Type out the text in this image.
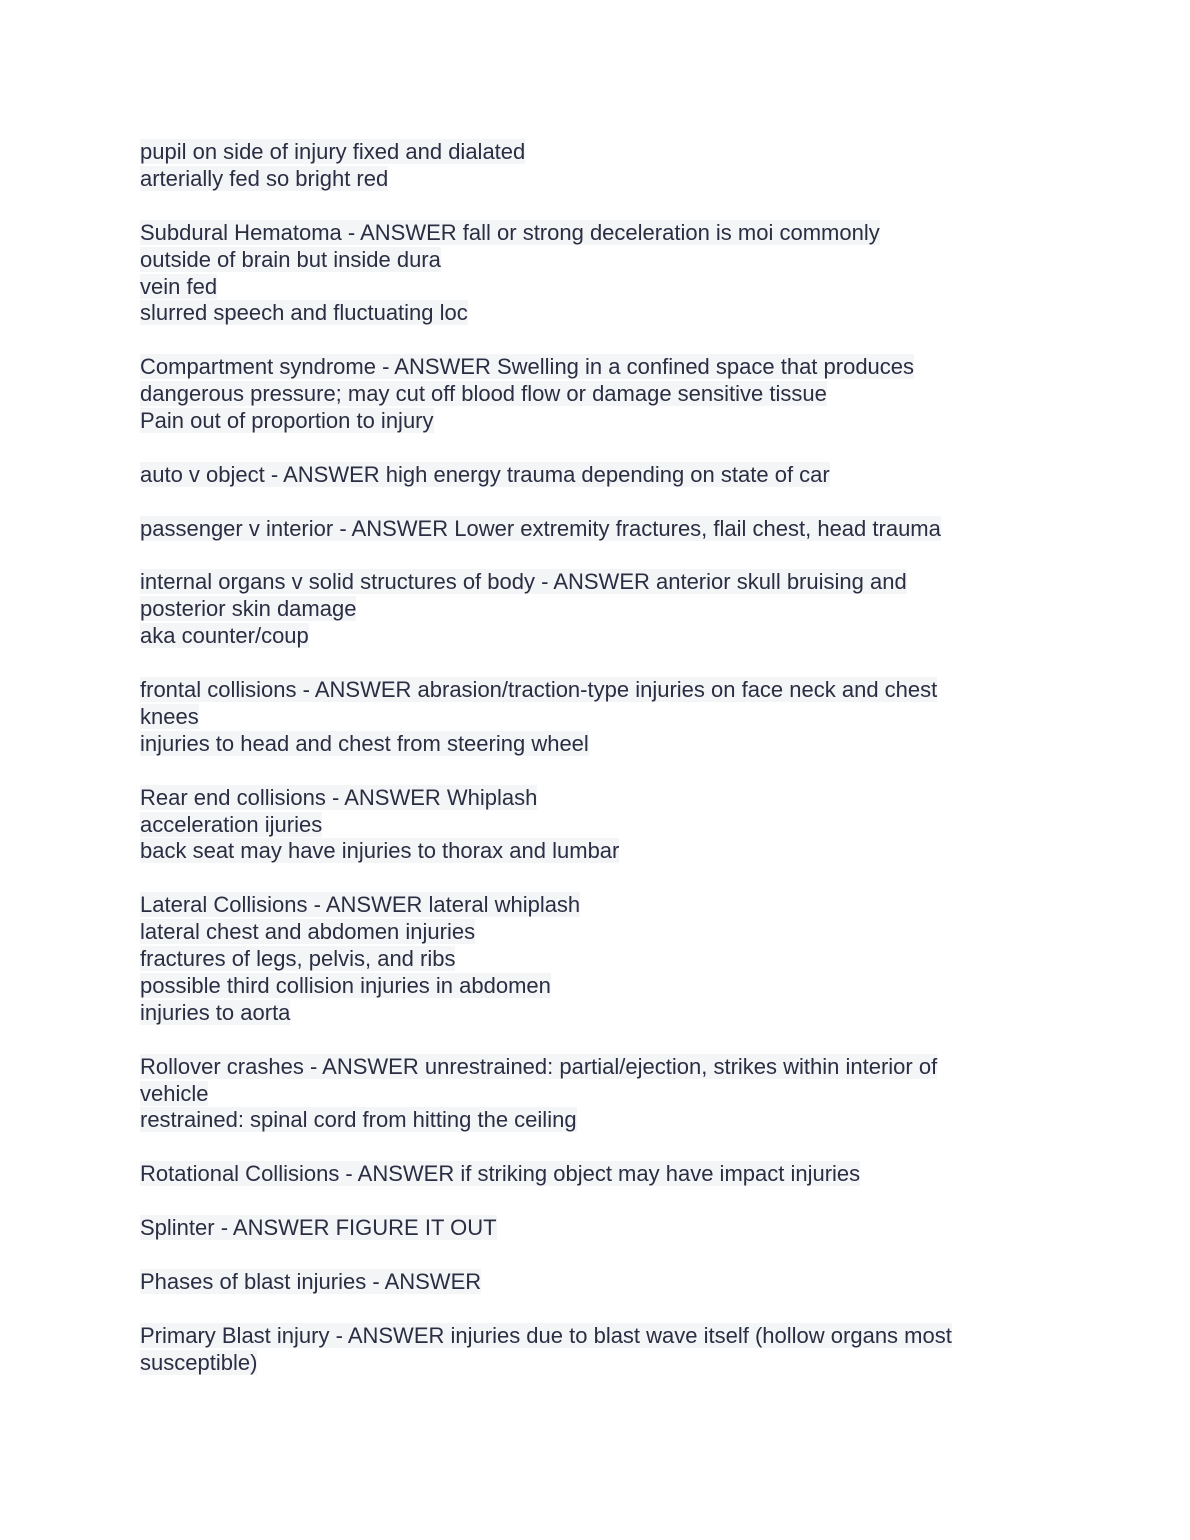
pupil on side of injury fixed and dialated
arterially fed so bright red
Subdural Hematoma - ANSWER fall or strong deceleration is moi commonly
outside of brain but inside dura
vein fed
slurred speech and fluctuating loc
Compartment syndrome - ANSWER Swelling in a confined space that produces
dangerous pressure; may cut off blood flow or damage sensitive tissue
Pain out of proportion to injury
auto v object - ANSWER high energy trauma depending on state of car
passenger v interior - ANSWER Lower extremity fractures, flail chest, head trauma
internal organs v solid structures of body - ANSWER anterior skull bruising and
posterior skin damage
aka counter/coup
frontal collisions - ANSWER abrasion/traction-type injuries on face neck and chest
knees
injuries to head and chest from steering wheel
Rear end collisions - ANSWER Whiplash
acceleration ijuries
back seat may have injuries to thorax and lumbar
Lateral Collisions - ANSWER lateral whiplash
lateral chest and abdomen injuries
fractures of legs, pelvis, and ribs
possible third collision injuries in abdomen
injuries to aorta
Rollover crashes - ANSWER unrestrained: partial/ejection, strikes within interior of
vehicle
restrained: spinal cord from hitting the ceiling
Rotational Collisions - ANSWER if striking object may have impact injuries
Splinter - ANSWER FIGURE IT OUT
Phases of blast injuries - ANSWER
Primary Blast injury - ANSWER injuries due to blast wave itself (hollow organs most
susceptible)
